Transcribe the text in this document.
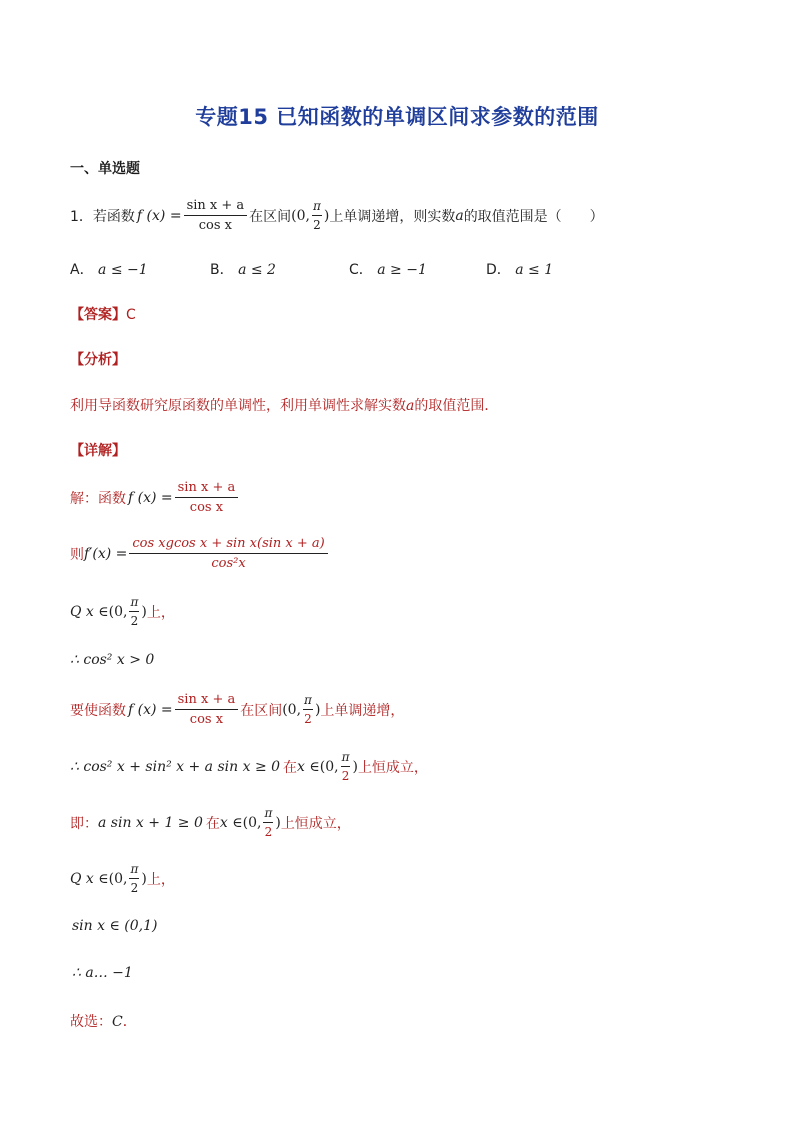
专题15 已知函数的单调区间求参数的范围
一、单选题
1． 若函数 f $(x) = \frac{\text{sin x + a}}{\text{cos x}}$ 在区间 (0, $\frac{\pi}{2}$ ) 上单调递增，则实数 a 的取值范围是（　　）
A． a ≤ −1	B． a ≤ 2	C． a ≥ −1	D． a ≤ 1
【答案】C
【分析】
利用导函数研究原函数的单调性，利用单调性求解实数a的取值范围．
【详解】
解：函数 f $(x) = \frac{\text{sin x + a}}{\text{cos x}}$
则 $f'(x) = \frac{\text{cos xgcos x + sin x(sin x + a)}}{\text{cos²x}}$
Q x ∈ (0, $\frac{\pi}{2}$ ) 上，
∴ cos² x > 0
要使函数 f $(x) = \frac{\text{sin x + a}}{\text{cos x}}$ 在区间 (0, $\frac{\pi}{2}$ ) 上单调递增，
∴ cos² x + sin² x + a sin x ≥ 0 在 x ∈ (0, $\frac{\pi}{2}$ ) 上恒成立，
即： a sin x + 1 ≥ 0 在 x ∈ (0, $\frac{\pi}{2}$ ) 上恒成立，
Q x ∈ (0, $\frac{\pi}{2}$ ) 上，
sin x ∈ (0,1)
∴ a… −1
故选：C．
